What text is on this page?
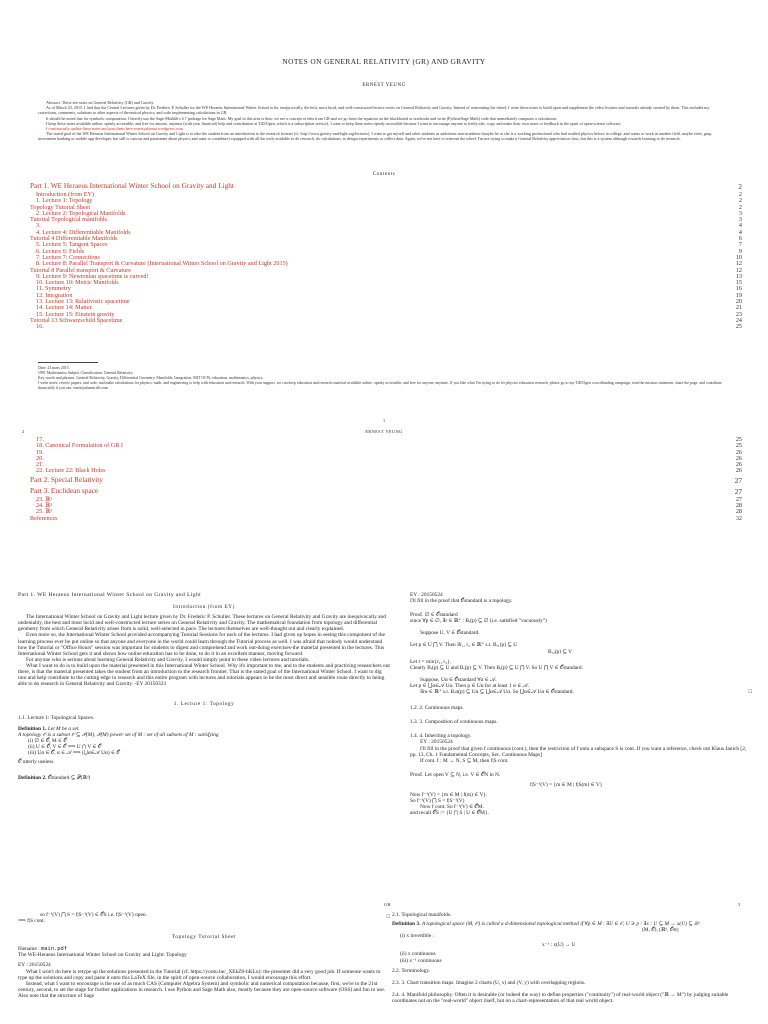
NOTES ON GENERAL RELATIVITY (GR) AND GRAVITY
ERNEST YEUNG

Abstract. These are notes on General Relativity (GR) and Gravity.

As of March 23, 2015, I find that the Central Lectures given by Dr. Frederic P. Schuller for the WE Heraeus International Winter School to be, inequivocally, the best, most lucid, and well-constructed lecture series on General Relativity and Gravity. Instead of reinventing the wheel, I write these notes to build upon and supplement the video lectures and tutorials already created by them. This includes my corrections, comments, solutions to other aspects of theoretical physics, and code implementing calculations in GR.

It should be noted that for symbolic computation, I heavily use the Sage-Mathlib's 6.7 package for Sage Math. My goal in this area is thus: we see a concept or idea from GR and we go from the equation on the blackboard or textbooks and write (Python/Sage Math) code that immediately computes a calculation.

I keep these notes available online, openly accessible, and free for anyone, anytime (with your financial) help and contribution at TiD/Ogen, which is a subscription service). I want to keep these notes openly accessible because I want to encourage anyone to freely edit, copy, and make their own notes or feedback in the spirit of open-science software.

I continuously update these notes and post them here ernestyalumni.wordpress.com

The stated goal of the WE Heraeus International Winter School on Gravity and Light is to take the student from an introduction to the research frontier (cf. http://www.gravity-and-light.org/lectures). I want to get myself and other students as ambitious non-academic (maybe he or she is a working professional who had studied physics before in college, and wants to work in another field, maybe even, gasp, investment banking or mobile app developer, but still is curious and passionate about physics and want to contribute) equipped with all the tools available to do research, do calculations, to design experiments or collect data. Again, we've not here to reinvent the wheel. I'm not trying to make a General Relativity appreciation class, but this is a system although towards learning to do research.

Contents
Part 1. WE Heraeus International Winter School on Gravity and Light	2
Introduction (from EY)	2
1. Lecture 1: Topology	2
Topology Tutorial Sheet	2
2. Lecture 2: Topological Manifolds	3
Tutorial Topological manifolds	3
3.	4
4. Lecture 4: Differentiable Manifolds	4
Tutorial 4 Differentiable Manifolds	6
5. Lecture 5: Tangent Spaces	7
6. Lecture 6: Fields	9
7. Lecture 7: Connections	10
8. Lecture 8: Parallel Transport & Curvature (International Winter School on Gravity and Light 2015)	12
Tutorial 8 Parallel transport & Curvature	12
9. Lecture 9: Newtonian spacetime is curved!	13
10. Lecture 10: Metric Manifolds	15
11. Symmetry	16
12. Integration	19
13. Lecture 13: Relativistic spacetime	20
14. Lecture 14: Matter	21
15. Lecture 15: Einstein gravity	23
Tutorial 13 Schwarzschild Spacetime	24
16.	25

Date: 23 mars 2015.

1991 Mathematics Subject Classification. General Relativity.

Key words and phrases. General Relativity, Gravity, Differential Geometry, Manifolds, Integration, MIT OCW, education, mathematics, physics.

I write notes, review papers, and code, and make calculations for physics, math, and engineering to help with education and research. With your support, we can keep education and research material available online, openly accessible, and free for anyone, anytime. If you like what I'm trying to do for physics education research, please go to my TiD/Ogen crowdfunding campaign, read the mission statement, share the page, and contribute financially if you can. ernestyalumni.tilt.com

1
2	ERNEST YEUNG
17.	25
18. Canonical Formulation of GR I	25
19.	26
20.	26
21.	26
22. Lecture 22: Black Holes	26
Part 2. Special Relativity	27
Part 3. Euclidean space	27
23. ℝ²	27
24. ℝ³	28
25. ℝⁿ	28
References	32
Part 1. WE Heraeus International Winter School on Gravity and Light
Introduction (from EY)

The International Winter School on Gravity and Light lecture given by Dr. Frederic P. Schuller. These lectures on General Relativity and Gravity are inequivocally and undeniably, the best and most lucid and well-constructed lecture series on General Relativity and Gravity. The mathematical foundation from topology and differential geometry from which General Relativity arises from is solid, well-selected in pace. The lectures themselves are well-thought out and clearly explained.

Even more so, the International Winter School provided accompanying Tutorial Sessions for each of the lectures. I had given up hopes in seeing this component of the learning process ever be put online so that anyone and everyone in the world could learn through the Tutorial process as well. I was afraid that nobody would understand how the Tutorial or "Office Hours" session was important for students to digest and comprehend and work out-doing exercises-the material presented in the lectures. This International Winter School gets it and shows how online education has to be done, to do it in an excellent manner, moving forward.

For anyone who is serious about learning General Relativity and Gravity, I would simply point to these video lectures and tutorials.

What I want to do is to build upon the material presented in this International Winter School. Why it's important to me, and to the students and practicing researchers out there, is that the material presented takes the student from an introduction to the research frontier. That is the stated goal of the International Winter School. I want to dig into and help contribute to the cutting edge in research and this entire program with lectures and tutorials appears to be the most direct and sensible route directly to being able to do research in General Relativity and Gravity. -EY 20150323

1. Lecture 1: Topology
1.1. Lecture 1: Topological Spaces.
Definition 1. Let M be a set.
A topology 𝒪 is a subset 𝒪 ⊆ 𝒫(M), 𝒫(M) power set of M : set of all subsets of M : satisfying
(i) ∅ ∈ 𝒪, M ∈ 𝒪
(ii) U ∈ 𝒪, V ∈ 𝒪 ⟹ U ⋂ V ∈ 𝒪
(iii) Uα ∈ 𝒪, α ∈ 𝒜 ⟹ (⋃α∈𝒜 Uα) ∈ 𝒪
𝒪 utterly useless
Definition 2. 𝒪standard ⊆ 𝒫(ℝᵈ)
EY : 20150524
I'll fill in the proof that 𝒪standard is a topology.
Proof. ∅ ∈ 𝒪standard
since ∀p ∈ ∅, ∃r ∈ ℝ⁺ : Bᵣ(p) ⊆ ∅ (i.e. satisfied "vacuously")
Suppose U, V ∈ 𝒪standard.
Let p ∈ U ⋂ V. Then ∃r₁, r₂ ∈ ℝ⁺ s.t. Bᵣ₁(p) ⊆ U
Bᵣ₂(p) ⊆ V
Let r = min{r₁, r₂}.
Clearly Bᵣ(p) ⊆ U and Bᵣ(p) ⊆ V. Then Bᵣ(p) ⊆ U ⋂ V. So U ⋂ V ∈ 𝒪standard.
Suppose, Uα ∈ 𝒪standard ∀α ∈ 𝒜.
Let p ∈ ⋃α∈𝒜 Uα. Then p ∈ Uα for at least 1 α ∈ 𝒜.
∃rα ∈ ℝ⁺ s.t. Bᵣα(p) ⊆ Uα ⊆ ⋃α∈𝒜 Uα. So ⋃α∈𝒜 Uα ∈ 𝒪standard.	□
1.2. 2. Continuous maps.
1.3. 3. Composition of continuous maps.
1.4. 4. Inheriting a topology.
EY : 20150524
I'll fill in the proof that given f continuous (cont.), then the restriction of f onto a subspace S is cont. If you want a reference, check out Klaus Janich [2, pp. 13, Ch. 1 Fundamental Concepts, Sec. Continuous Maps]
If cont. f : M → N, S ⊆ M, then f|S cont.
Proof. Let open V ⊆ N, i.e. V ∈ 𝒪N in N.
f|S⁻¹(V) = {m ∈ M | f|S(m) ∈ V}
Now f⁻¹(V) = {m ∈ M | f(m) ∈ V}.
So f⁻¹(V) ⋂ S = f|S⁻¹(V)
Now f cont. So f⁻¹(V) ∈ 𝒪M.
and recall 𝒪S := {U ⋂ S | U ∈ 𝒪M}.
GR	3
so f⁻¹(V) ⋂ S = f|S⁻¹(V) ∈ 𝒪S i.e. f|S⁻¹(V) open.	□
⟹ f|S cont.
Topology Tutorial Sheet
filename : main.pdf
The WE-Heraeus International Winter School on Gravity and Light: Topology
EY : 20150524

What I won't do here is retype up the solutions presented in the Tutorial (cf. https://youtu.be/_XEkZ0-hKLo): the presenter did a very good job. If someone wants to type up the solutions and copy and paste it onto this LaTeX file, in the spirit of open-source collaboration, I would encourage this effort.

Instead, what I want to encourage is the use of as much CAS (Computer Algebra System) and symbolic and numerical computation because, first, we're in the 21st century, second, to set the stage for further applications in research. I use Python and Sage Math also, mostly because they are open-source software (OSS) and fun to use. Also note that the structure of Sage

2.1. Topological manifolds.
Definition 3. A topological space (M, 𝒪) is called a d-dimensional topological method if ∀p ∈ M : ∃U ∈ 𝒪, U ∋ p : ∃x : U ⊆ M → x(U) ⊆ ℝᵈ
(M, 𝒪), (ℝᵈ, 𝒪st)
(i) x invertible :
x⁻¹ : x(U) → U
(ii) x continuous
(iii) x⁻¹ continuous
2.2. Terminology.
2.3. 3. Chart transition maps. Imagine 2 charts (U, x) and (V, y) with overlapping regions.
2.4. 4. Manifold philosophy. Often it is desirable (or indeed the way) to define properties ("continuity") of real-world object ("ℝ → M") by judging suitable coordinates not on the "real-world" object itself, but on a chart-representation of that real world object.
